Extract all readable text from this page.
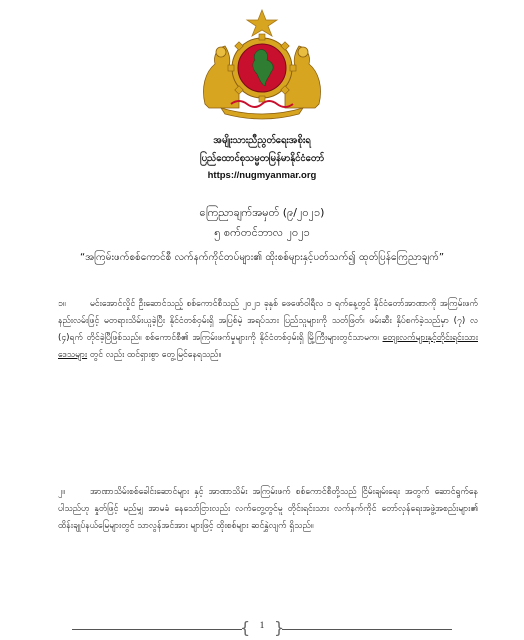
အမျိုးသားညီညွတ်ရေးအစိုးရ
ပြည်ထောင်စုသမ္မတမြန်မာနိုင်ငံတော်
https://nugmyanmar.org
ကြေညာချက်အမှတ် (၉/၂၀၂၁)
၅ စက်တင်ဘာလ ၂၀၂၁
“အကြမ်းဖက်စစ်ကောင်စီ လက်နက်ကိုင်တပ်များ၏ ထိုးစစ်များနှင့်ပတ်သက်၍ ထုတ်ပြန်ကြေညာချက်”
၁။	မင်းအောင်လှိုင် ဦးဆောင်သည့် စစ်ကောင်စီသည် ၂၀၂၁ ခုနှစ် ဖေဖော်ဝါရီလ ၁ ရက်နေ့တွင် နိုင်ငံတော်အာဏာကို အကြမ်းဖက်နည်းလမ်းဖြင့် မတရားသိမ်းယူခဲ့ပြီး နိုင်ငံတစ်ဝှမ်းရှိ အပြစ်မဲ့ အရပ်သား ပြည်သူများကို သတ်ဖြတ်၊ ဖမ်းဆီး နှိပ်စက်ခဲ့သည်မှာ (၇) လ (၄)ရက် တိုင်ခဲ့ပြီဖြစ်သည်။ စစ်ကောင်စီ၏ အကြမ်းဖက်မှုများကို နိုင်ငံတစ်ဝှမ်းရှိ မြို့ကြီးများတွင်သာမက၊ တျေးလက်များနှင့်တိုင်းရင်းသား ဒေသများ တွင် လည်း ထင်ရှားစွာ တွေ့မြင်နေရသည်။
၂။	အာဏာသိမ်းစစ်ခေါင်းဆောင်များ နှင့် အာဏာသိမ်း အကြမ်းဖက် စစ်ကောင်စီတို့သည် ငြိမ်းချမ်းရေး အတွက် ဆောင်ရွက်နေပါသည်ဟု နှုတ်ဖြင့် မည်မျှ အာမခံ နေသော်ငြားလည်း လက်တွေ့တွင်မူ တိုင်းရင်းသား လက်နက်ကိုင် တော်လှန်ရေးအဖွဲ့အစည်းများ၏ ထိန်းချုပ်နယ်မြေများတွင် သာလွန်အင်အား များဖြင့် ထိုးစစ်များ ဆင်နွှဲလျက် ရှိသည်။
{ }
1
